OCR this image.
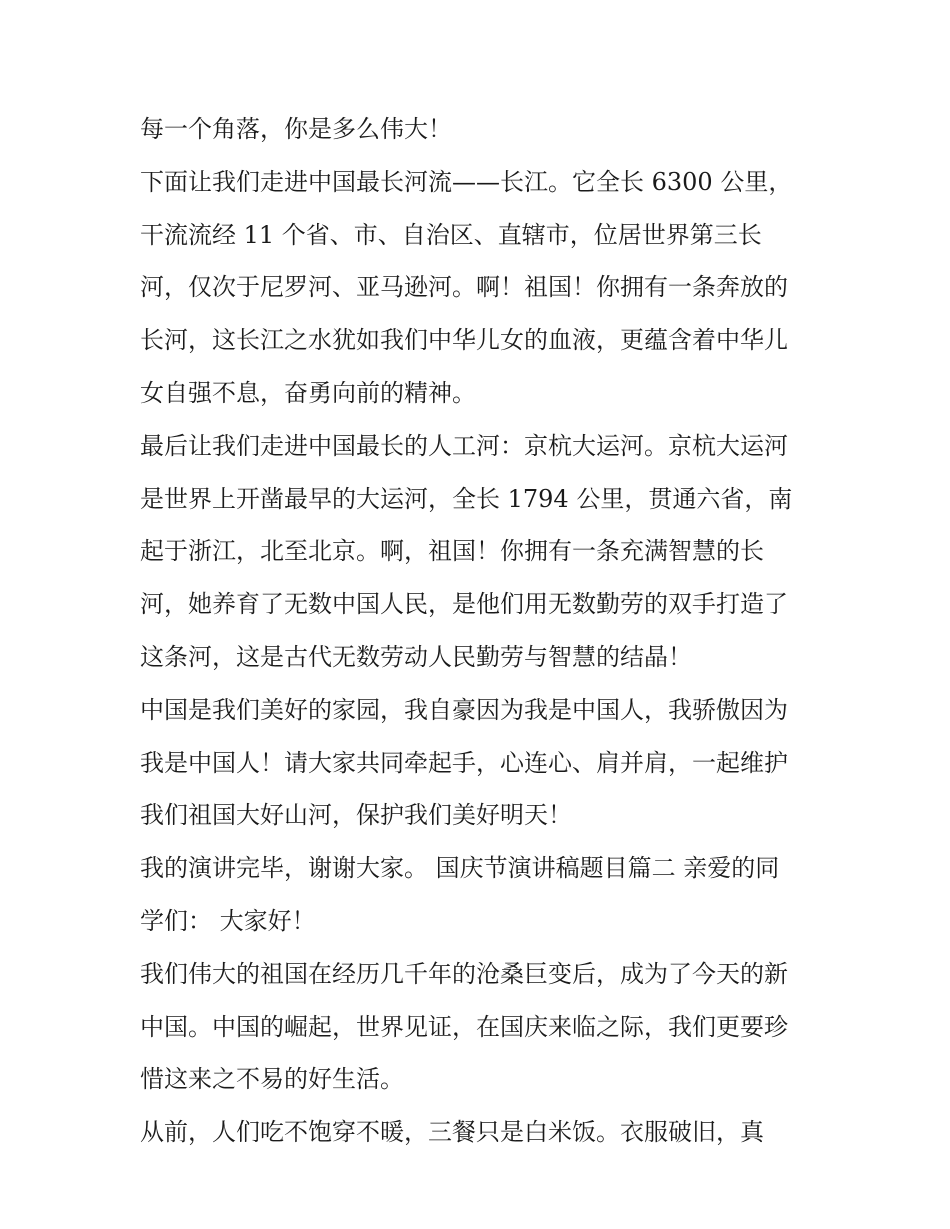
每一个角落，你是多么伟大！
下面让我们走进中国最长河流——长江。它全长 6300 公里，
干流流经 11 个省、市、自治区、直辖市，位居世界第三长
河，仅次于尼罗河、亚马逊河。啊！祖国！你拥有一条奔放的
长河，这长江之水犹如我们中华儿女的血液，更蕴含着中华儿
女自强不息，奋勇向前的精神。
最后让我们走进中国最长的人工河：京杭大运河。京杭大运河
是世界上开凿最早的大运河，全长 1794 公里，贯通六省，南
起于浙江，北至北京。啊，祖国！你拥有一条充满智慧的长
河，她养育了无数中国人民，是他们用无数勤劳的双手打造了
这条河，这是古代无数劳动人民勤劳与智慧的结晶！
中国是我们美好的家园，我自豪因为我是中国人，我骄傲因为
我是中国人！请大家共同牵起手，心连心、肩并肩，一起维护
我们祖国大好山河，保护我们美好明天！
我的演讲完毕，谢谢大家。 国庆节演讲稿题目篇二 亲爱的同
学们： 大家好！
我们伟大的祖国在经历几千年的沧桑巨变后，成为了今天的新
中国。中国的崛起，世界见证，在国庆来临之际，我们更要珍
惜这来之不易的好生活。
从前，人们吃不饱穿不暖，三餐只是白米饭。衣服破旧，真
